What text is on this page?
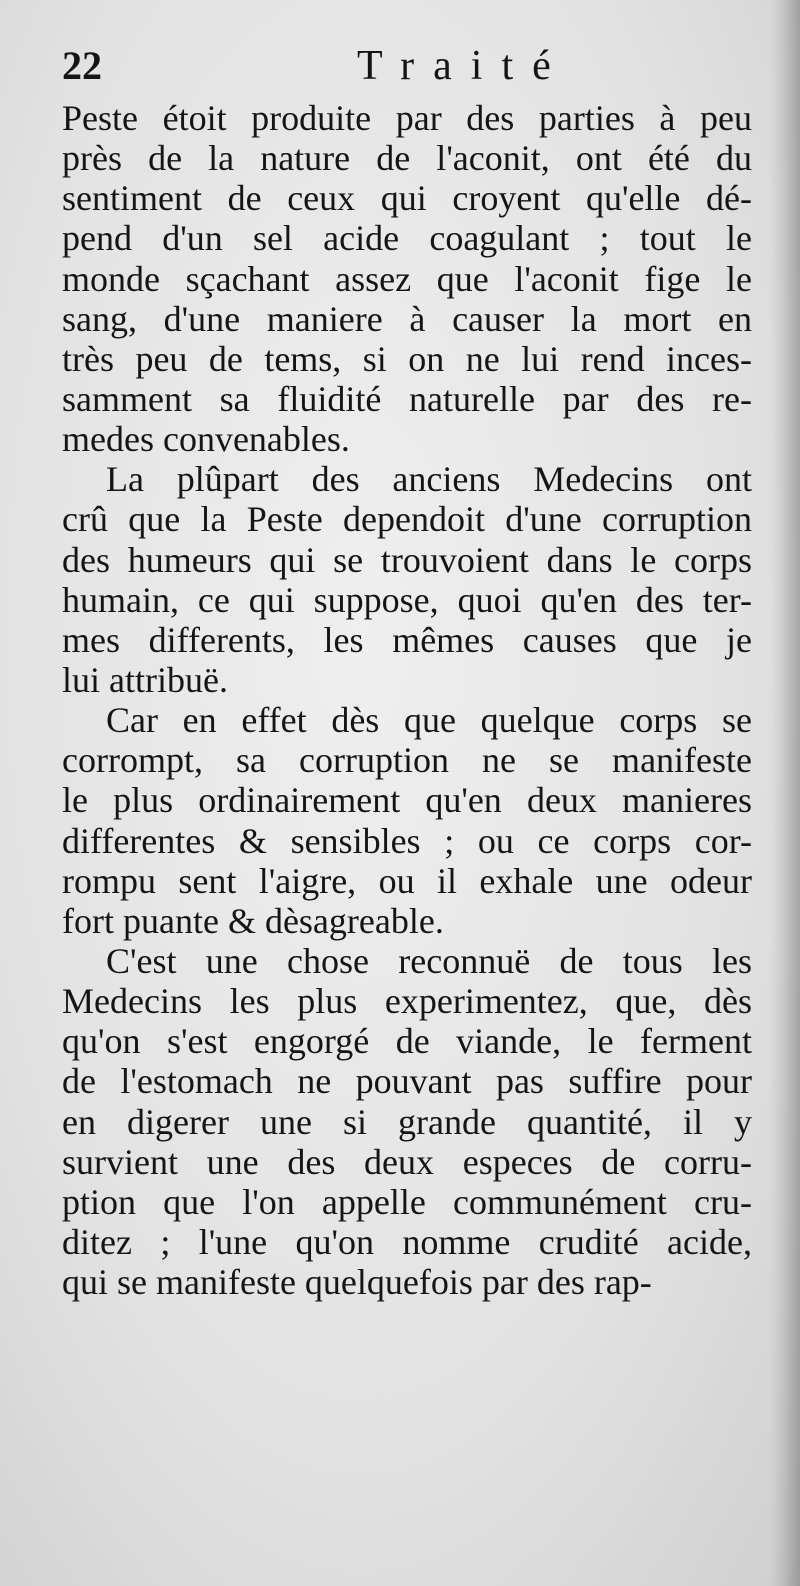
22	Traité
Peste étoit produite par des parties à peu
près de la nature de l'aconit, ont été du
sentiment de ceux qui croyent qu'elle dé-
pend d'un sel acide coagulant ; tout le
monde sçachant assez que l'aconit fige le
sang, d'une maniere à causer la mort en
très peu de tems, si on ne lui rend inces-
samment sa fluidité naturelle par des re-
medes convenables.
La plûpart des anciens Medecins ont
crû que la Peste dependoit d'une corruption
des humeurs qui se trouvoient dans le corps
humain, ce qui suppose, quoi qu'en des ter-
mes differents, les mêmes causes que je
lui attribuë.
Car en effet dès que quelque corps se
corrompt, sa corruption ne se manifeste
le plus ordinairement qu'en deux manieres
differentes & sensibles ; ou ce corps cor-
rompu sent l'aigre, ou il exhale une odeur
fort puante & dèsagreable.
C'est une chose reconnuë de tous les
Medecins les plus experimentez, que, dès
qu'on s'est engorgé de viande, le ferment
de l'estomach ne pouvant pas suffire pour
en digerer une si grande quantité, il y
survient une des deux especes de corru-
ption que l'on appelle communément cru-
ditez ; l'une qu'on nomme crudité acide,
qui se manifeste quelquefois par des rap-
